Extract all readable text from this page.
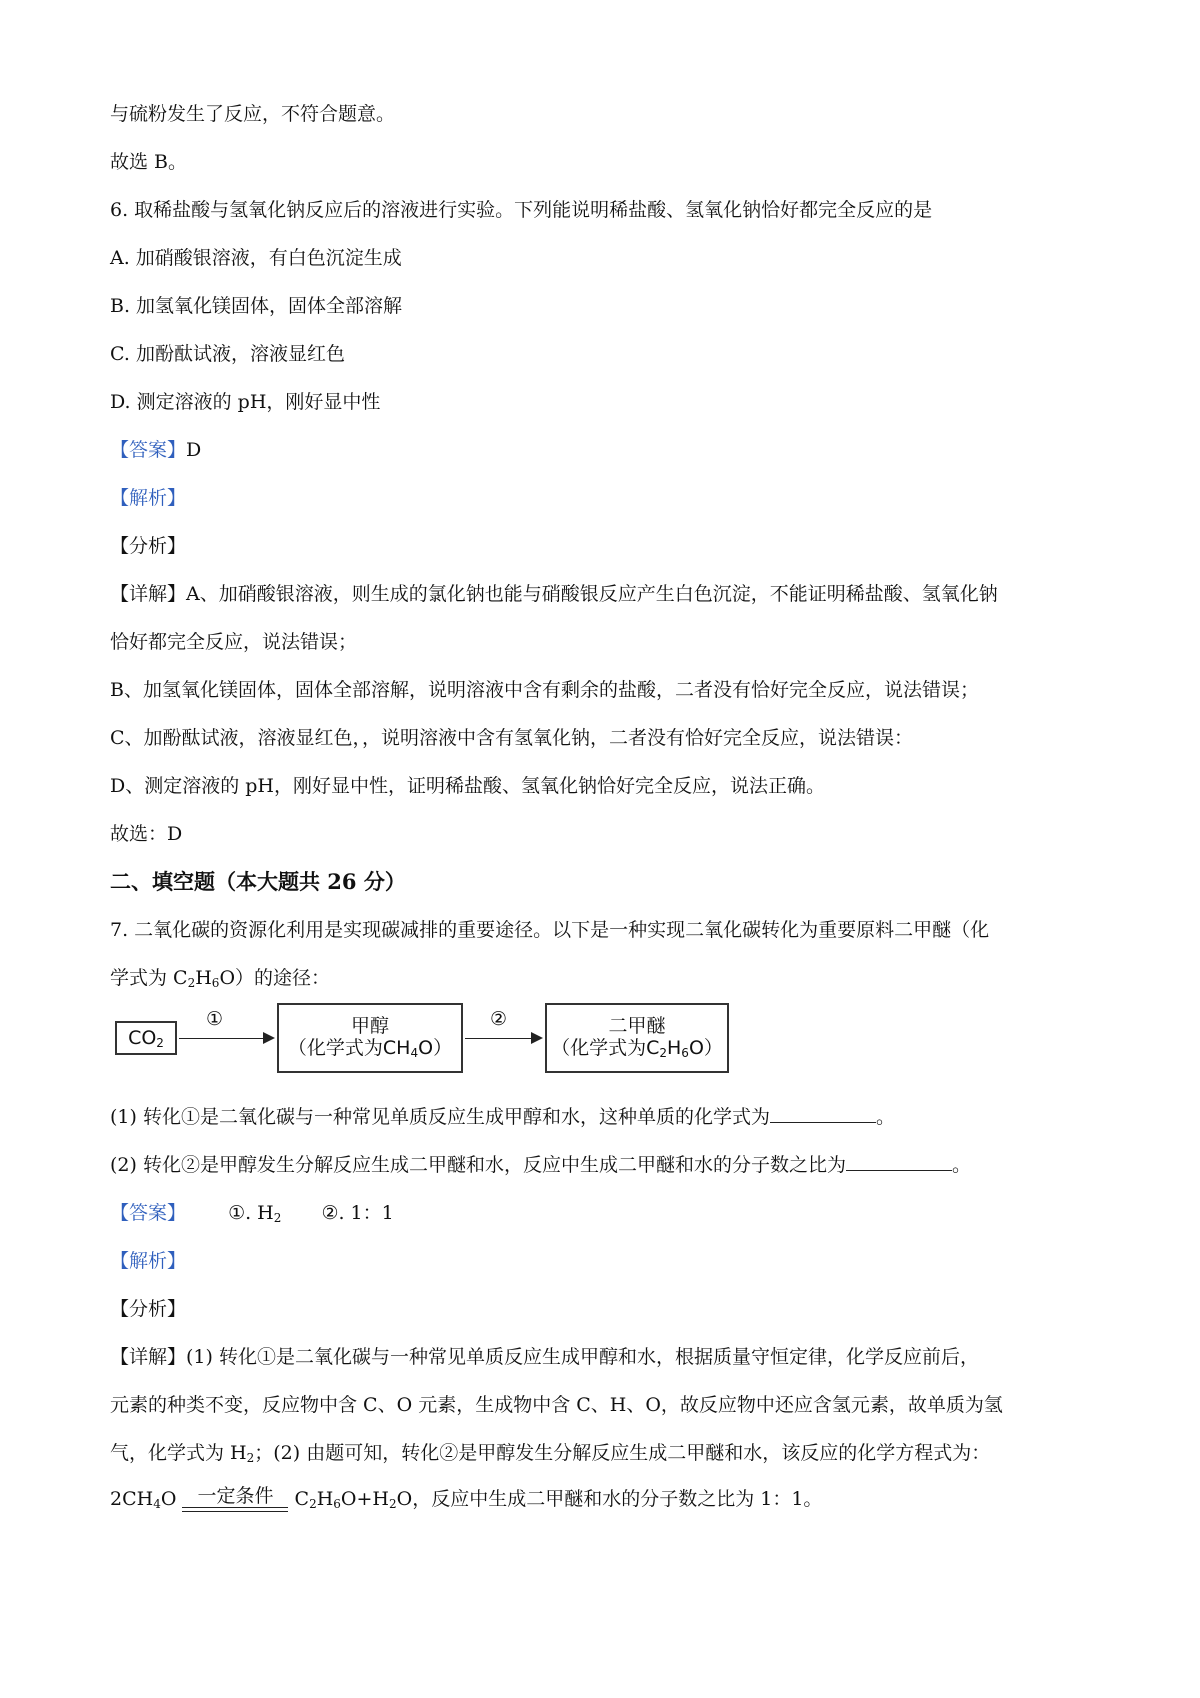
与硫粉发生了反应，不符合题意。
故选 B。
6. 取稀盐酸与氢氧化钠反应后的溶液进行实验。下列能说明稀盐酸、氢氧化钠恰好都完全反应的是
A. 加硝酸银溶液，有白色沉淀生成
B. 加氢氧化镁固体，固体全部溶解
C. 加酚酞试液，溶液显红色
D. 测定溶液的 pH，刚好显中性
【答案】D
【解析】
【分析】
【详解】A、加硝酸银溶液，则生成的氯化钠也能与硝酸银反应产生白色沉淀，不能证明稀盐酸、氢氧化钠
恰好都完全反应，说法错误；
B、加氢氧化镁固体，固体全部溶解，说明溶液中含有剩余的盐酸，二者没有恰好完全反应，说法错误；
C、加酚酞试液，溶液显红色，，说明溶液中含有氢氧化钠，二者没有恰好完全反应，说法错误：
D、测定溶液的 pH，刚好显中性，证明稀盐酸、氢氧化钠恰好完全反应，说法正确。
故选：D
二、填空题（本大题共 26 分）
7. 二氧化碳的资源化利用是实现碳减排的重要途径。以下是一种实现二氧化碳转化为重要原料二甲醚（化
学式为 $C_2H_6O$）的途径：
$CO_2$
①	甲醇
（化学式为$CH_4O$）
②	二甲醚
（化学式为$C_2H_6O$）
(1) 转化①是二氧化碳与一种常见单质反应生成甲醇和水，这种单质的化学式为	。
(2) 转化②是甲醇发生分解反应生成二甲醚和水，反应中生成二甲醚和水的分子数之比为	。
【答案】 ①. $H_2$ ②. 1：1
【解析】
【分析】
【详解】(1) 转化①是二氧化碳与一种常见单质反应生成甲醇和水，根据质量守恒定律，化学反应前后，
元素的种类不变，反应物中含 C、O 元素，生成物中含 C、H、O，故反应物中还应含氢元素，故单质为氢
气，化学式为 $H_2$；(2) 由题可知，转化②是甲醇发生分解反应生成二甲醚和水，该反应的化学方程式为：
$2CH_4O$	一定条件	$C_2H_6O+H_2O$，反应中生成二甲醚和水的分子数之比为 1：1。
